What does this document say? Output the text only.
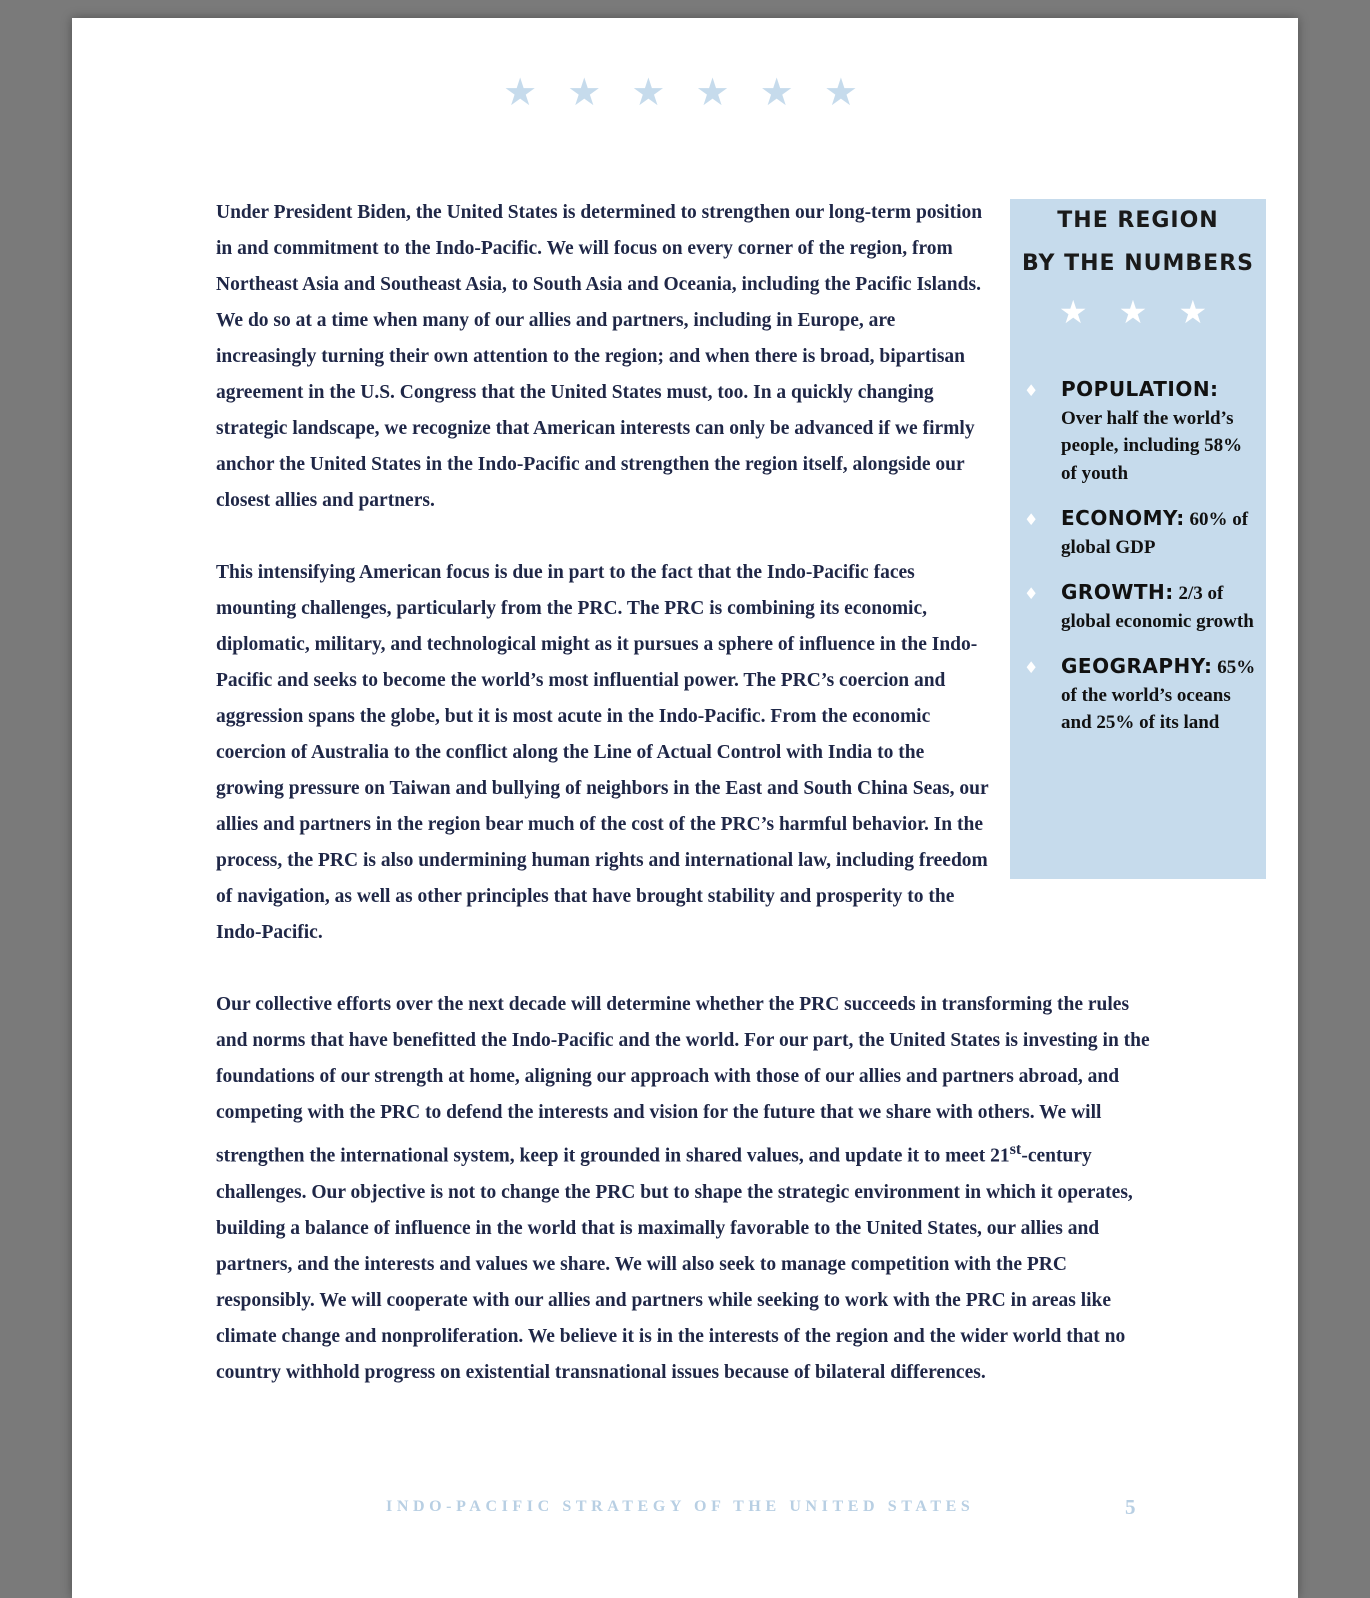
★ ★ ★ ★ ★ ★
THE REGION
BY THE NUMBERS
★ ★ ★
♦ POPULATION: Over half the world’s people, including 58% of youth
♦ ECONOMY: 60% of global GDP
♦ GROWTH: 2/3 of global economic growth
♦ GEOGRAPHY: 65% of the world’s oceans and 25% of its land

Under President Biden, the United States is determined to strengthen our long-term position in and commitment to the Indo-Pacific. We will focus on every corner of the region, from Northeast Asia and Southeast Asia, to South Asia and Oceania, including the Pacific Islands. We do so at a time when many of our allies and partners, including in Europe, are increasingly turning their own attention to the region; and when there is broad, bipartisan agreement in the U.S. Congress that the United States must, too. In a quickly changing strategic landscape, we recognize that American interests can only be advanced if we firmly anchor the United States in the Indo-Pacific and strengthen the region itself, alongside our closest allies and partners.

This intensifying American focus is due in part to the fact that the Indo-Pacific faces mounting challenges, particularly from the PRC. The PRC is combining its economic, diplomatic, military, and technological might as it pursues a sphere of influence in the Indo-Pacific and seeks to become the world’s most influential power. The PRC’s coercion and aggression spans the globe, but it is most acute in the Indo-Pacific. From the economic coercion of Australia to the conflict along the Line of Actual Control with India to the growing pressure on Taiwan and bullying of neighbors in the East and South China Seas, our allies and partners in the region bear much of the cost of the PRC’s harmful behavior. In the process, the PRC is also undermining human rights and international law, including freedom of navigation, as well as other principles that have brought stability and prosperity to the Indo-Pacific.

Our collective efforts over the next decade will determine whether the PRC succeeds in transforming the rules and norms that have benefitted the Indo-Pacific and the world. For our part, the United States is investing in the foundations of our strength at home, aligning our approach with those of our allies and partners abroad, and competing with the PRC to defend the interests and vision for the future that we share with others. We will strengthen the international system, keep it grounded in shared values, and update it to meet 21st-century challenges. Our objective is not to change the PRC but to shape the strategic environment in which it operates, building a balance of influence in the world that is maximally favorable to the United States, our allies and partners, and the interests and values we share. We will also seek to manage competition with the PRC responsibly. We will cooperate with our allies and partners while seeking to work with the PRC in areas like climate change and nonproliferation. We believe it is in the interests of the region and the wider world that no country withhold progress on existential transnational issues because of bilateral differences.

INDO-PACIFIC STRATEGY OF THE UNITED STATES	5
